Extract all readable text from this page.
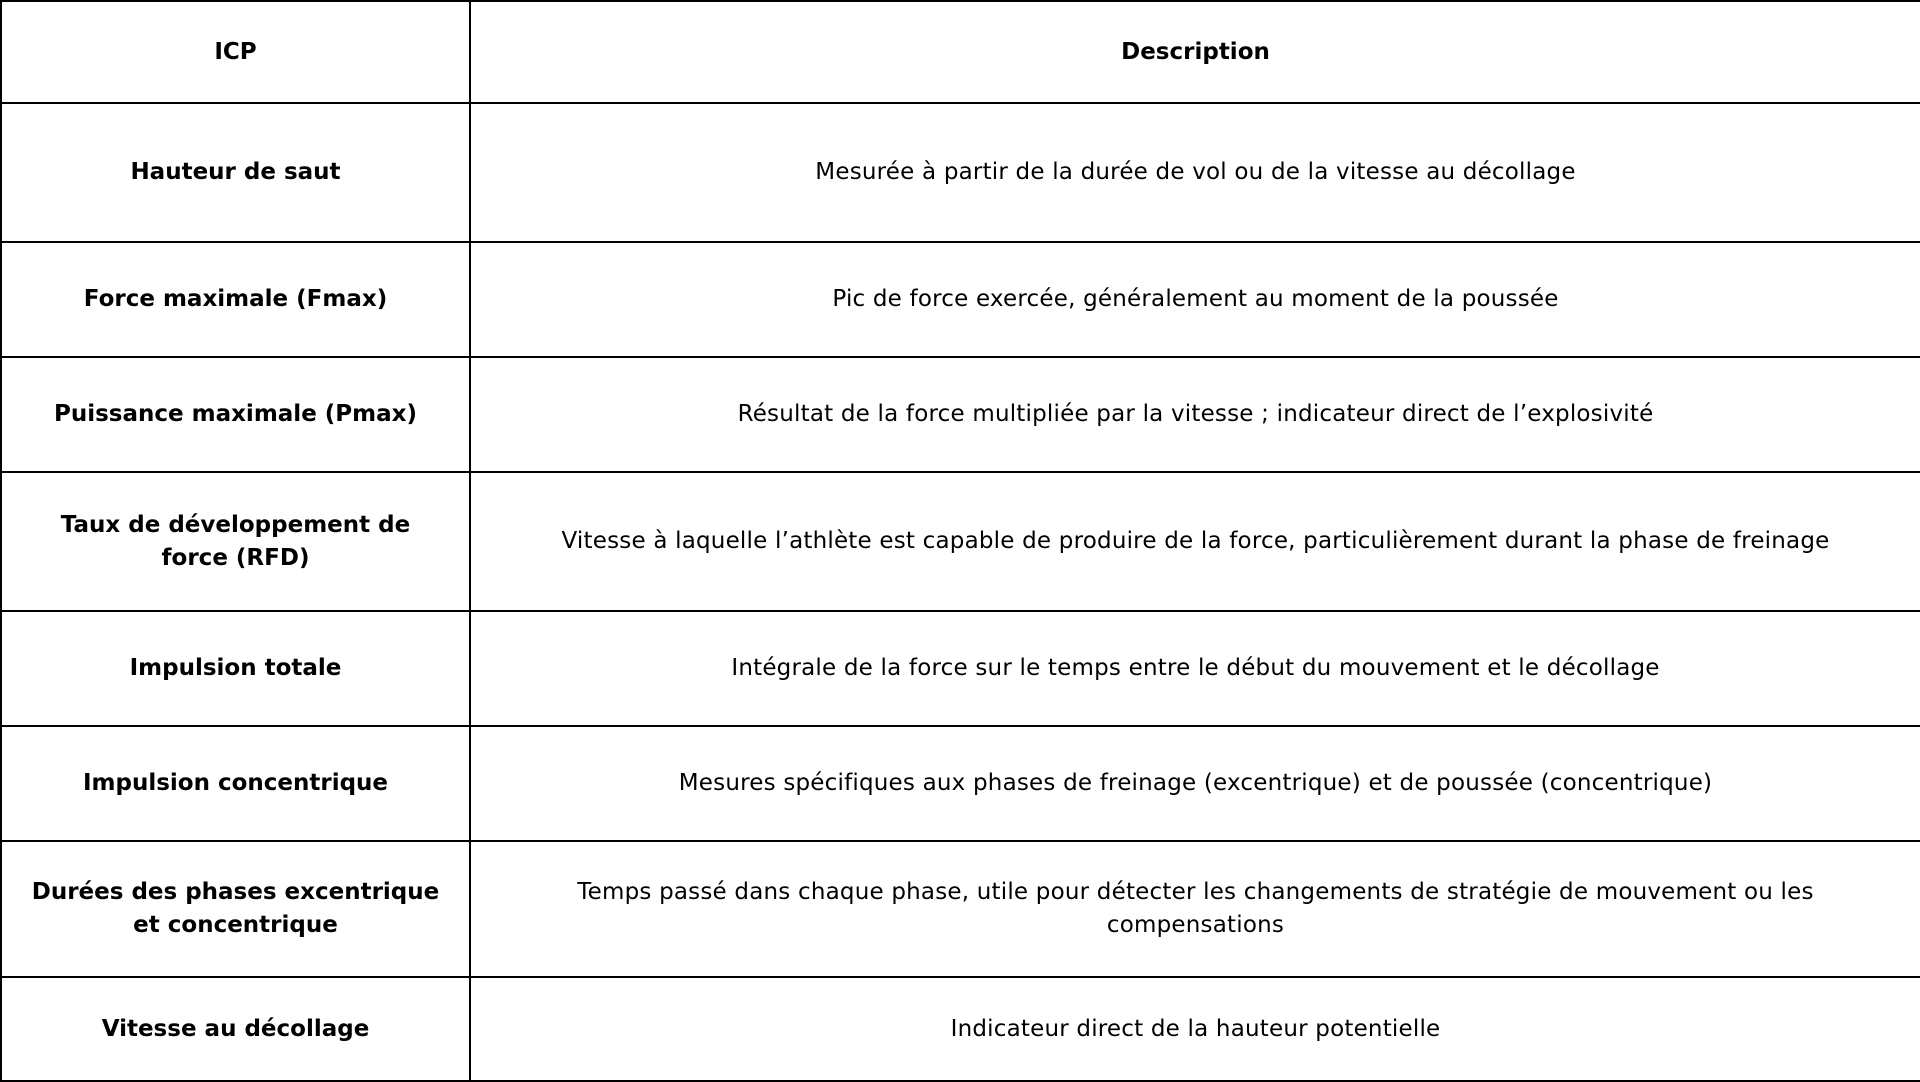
ICP	Description
Hauteur de saut	Mesurée à partir de la durée de vol ou de la vitesse au décollage
Force maximale (Fmax)	Pic de force exercée, généralement au moment de la poussée
Puissance maximale (Pmax)	Résultat de la force multipliée par la vitesse ; indicateur direct de l’explosivité
Taux de développement de force (RFD)	Vitesse à laquelle l’athlète est capable de produire de la force, particulièrement durant la phase de freinage
Impulsion totale	Intégrale de la force sur le temps entre le début du mouvement et le décollage
Impulsion concentrique	Mesures spécifiques aux phases de freinage (excentrique) et de poussée (concentrique)
Durées des phases excentrique et concentrique	Temps passé dans chaque phase, utile pour détecter les changements de stratégie de mouvement ou les compensations
Vitesse au décollage	Indicateur direct de la hauteur potentielle
